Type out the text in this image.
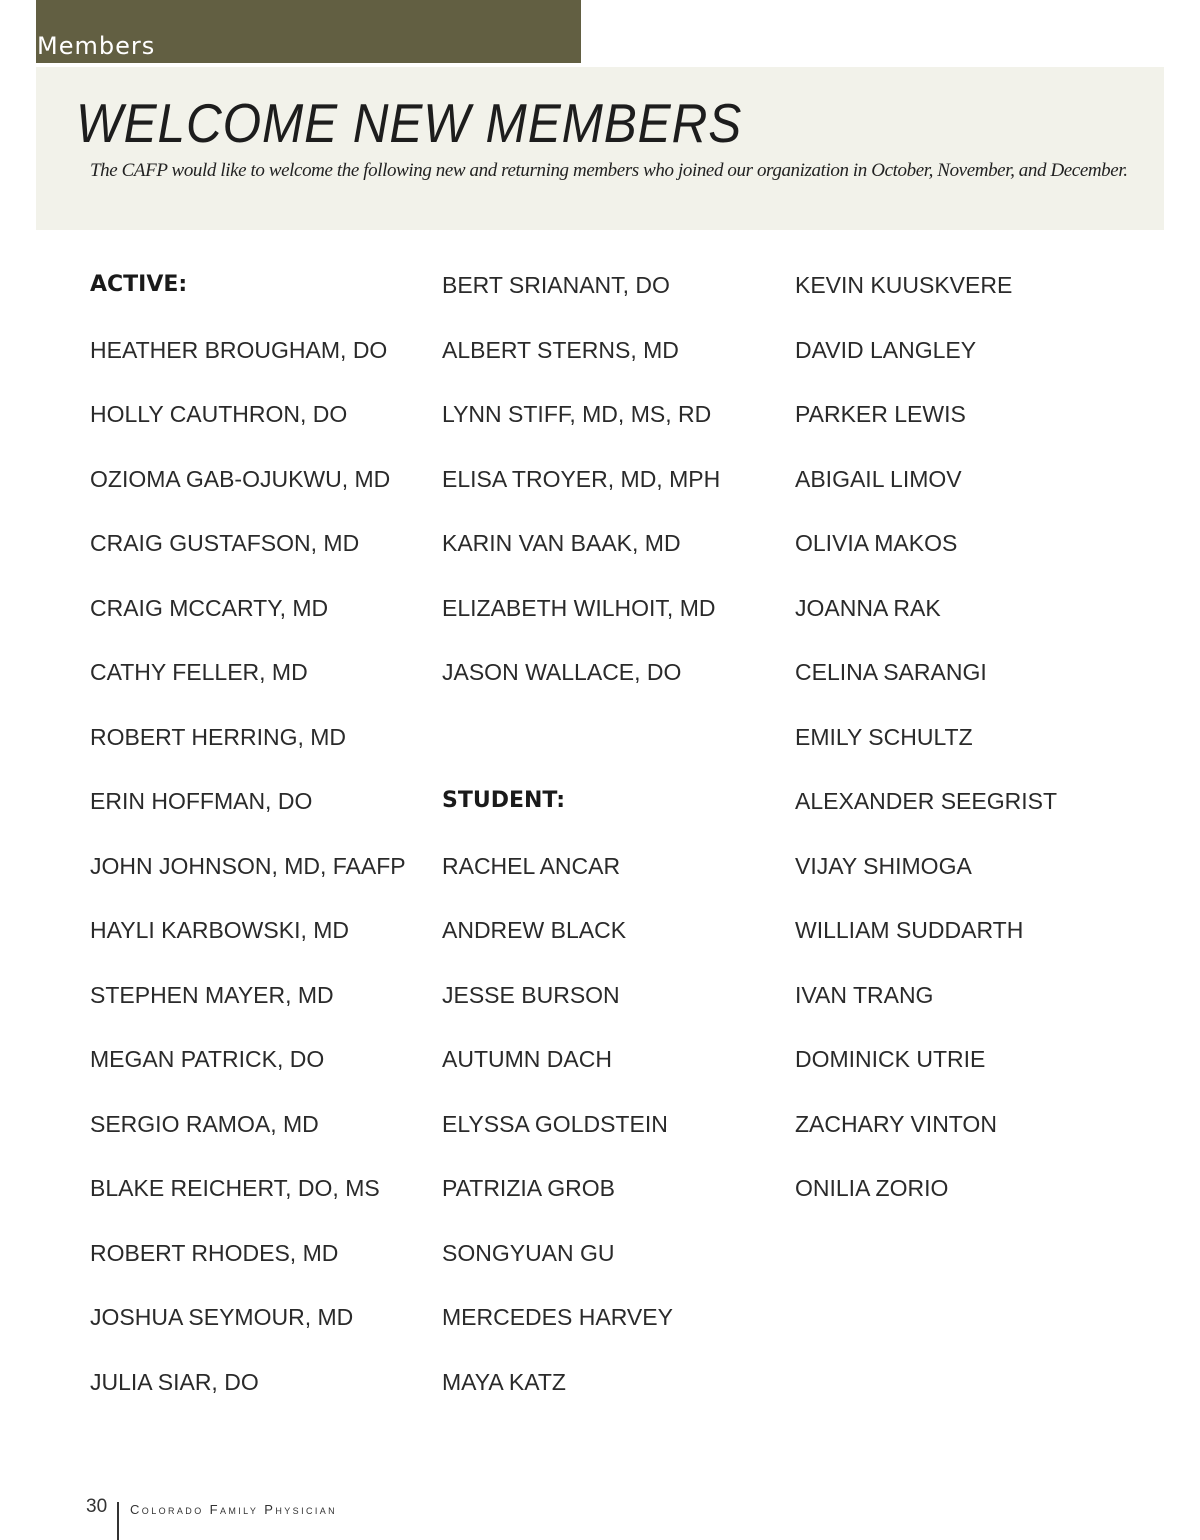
Members
WELCOME NEW MEMBERS

The CAFP would like to welcome the following new and returning members who joined our organization in October, November, and December.

ACTIVE:
HEATHER BROUGHAM, DO
HOLLY CAUTHRON, DO
OZIOMA GAB-OJUKWU, MD
CRAIG GUSTAFSON, MD
CRAIG MCCARTY, MD
CATHY FELLER, MD
ROBERT HERRING, MD
ERIN HOFFMAN, DO
JOHN JOHNSON, MD, FAAFP
HAYLI KARBOWSKI, MD
STEPHEN MAYER, MD
MEGAN PATRICK, DO
SERGIO RAMOA, MD
BLAKE REICHERT, DO, MS
ROBERT RHODES, MD
JOSHUA SEYMOUR, MD
JULIA SIAR, DO
BERT SRIANANT, DO
ALBERT STERNS, MD
LYNN STIFF, MD, MS, RD
ELISA TROYER, MD, MPH
KARIN VAN BAAK, MD
ELIZABETH WILHOIT, MD
JASON WALLACE, DO
STUDENT:
RACHEL ANCAR
ANDREW BLACK
JESSE BURSON
AUTUMN DACH
ELYSSA GOLDSTEIN
PATRIZIA GROB
SONGYUAN GU
MERCEDES HARVEY
MAYA KATZ
KEVIN KUUSKVERE
DAVID LANGLEY
PARKER LEWIS
ABIGAIL LIMOV
OLIVIA MAKOS
JOANNA RAK
CELINA SARANGI
EMILY SCHULTZ
ALEXANDER SEEGRIST
VIJAY SHIMOGA
WILLIAM SUDDARTH
IVAN TRANG
DOMINICK UTRIE
ZACHARY VINTON
ONILIA ZORIO
30 Colorado Family Physician
